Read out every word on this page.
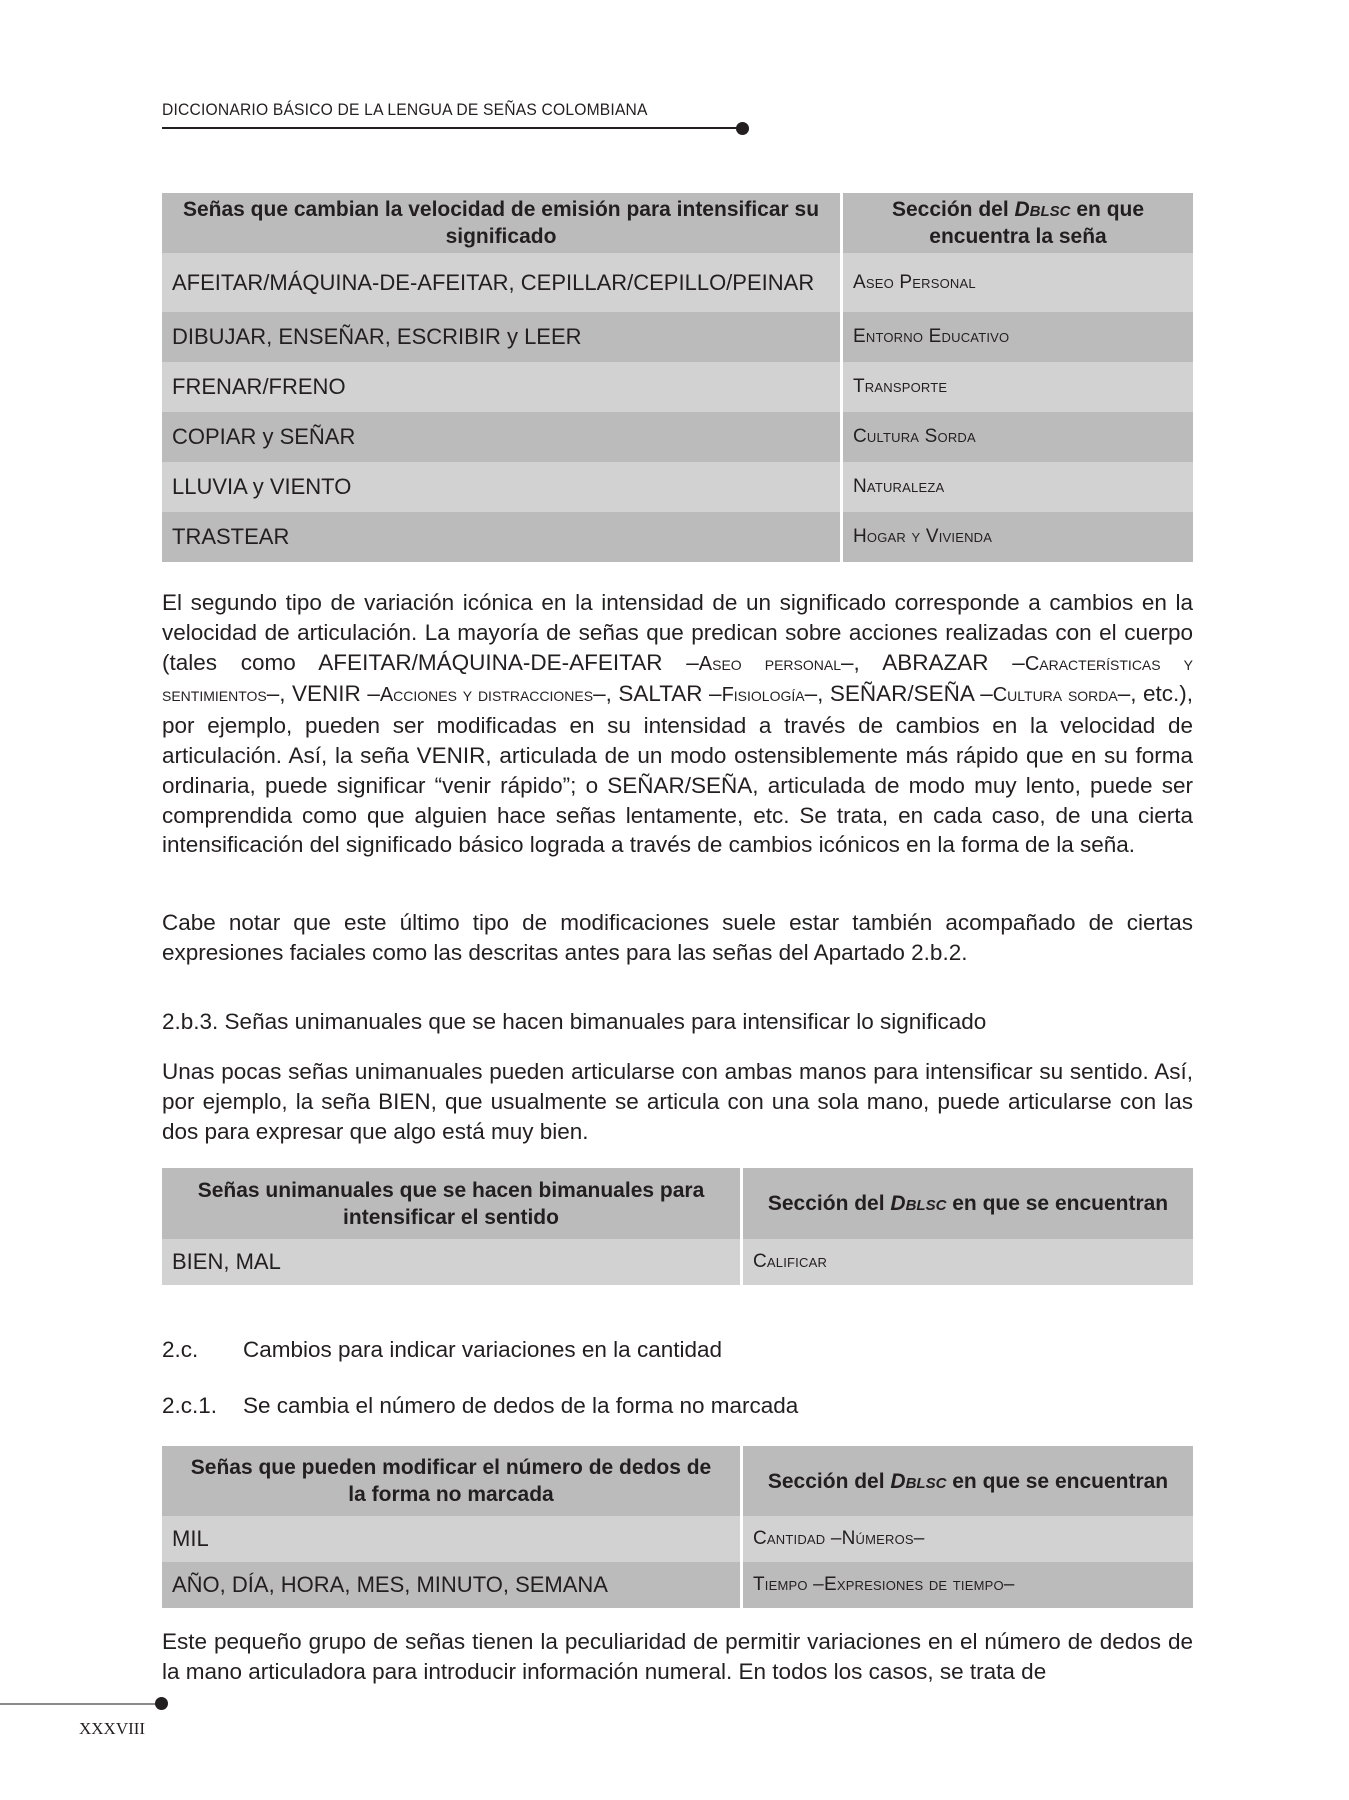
DICCIONARIO BÁSICO DE LA LENGUA DE SEÑAS COLOMBIANA
Señas que cambian la velocidad de emisión para intensificar su significado	Sección del Dblsc en que encuentra la seña
AFEITAR/MÁQUINA-DE-AFEITAR, CEPILLAR/CEPILLO/PEINAR	Aseo Personal
DIBUJAR, ENSEÑAR, ESCRIBIR y LEER	Entorno Educativo
FRENAR/FRENO	Transporte
COPIAR y SEÑAR	Cultura Sorda
LLUVIA y VIENTO	Naturaleza
TRASTEAR	Hogar y Vivienda

El segundo tipo de variación icónica en la intensidad de un significado corresponde a cambios en la velocidad de articulación. La mayoría de señas que predican sobre acciones realizadas con el cuerpo (tales como AFEITAR/MÁQUINA-DE-AFEITAR –Aseo personal–, ABRAZAR –Características y sentimientos–, VENIR –Acciones y distracciones–, SALTAR –Fisiología–, SEÑAR/SEÑA –Cultura sorda–, etc.), por ejemplo, pueden ser modificadas en su intensidad a través de cambios en la velocidad de articulación. Así, la seña VENIR, articulada de un modo ostensiblemente más rápido que en su forma ordinaria, puede significar “venir rápido”; o SEÑAR/SEÑA, articulada de modo muy lento, puede ser comprendida como que alguien hace señas lentamente, etc. Se trata, en cada caso, de una cierta intensificación del significado básico lograda a través de cambios icónicos en la forma de la seña.

Cabe notar que este último tipo de modificaciones suele estar también acompañado de ciertas expresiones faciales como las descritas antes para las señas del Apartado 2.b.2.

2.b.3. Señas unimanuales que se hacen bimanuales para intensificar lo significado

Unas pocas señas unimanuales pueden articularse con ambas manos para intensificar su sentido. Así, por ejemplo, la seña BIEN, que usualmente se articula con una sola mano, puede articularse con las dos para expresar que algo está muy bien.

Señas unimanuales que se hacen bimanuales para intensificar el sentido	Sección del Dblsc en que se encuentran
BIEN, MAL	Calificar
2.c. Cambios para indicar variaciones en la cantidad
2.c.1. Se cambia el número de dedos de la forma no marcada
Señas que pueden modificar el número de dedos de la forma no marcada	Sección del Dblsc en que se encuentran
MIL	Cantidad –Números–
AÑO, DÍA, HORA, MES, MINUTO, SEMANA	Tiempo –Expresiones de tiempo–

Este pequeño grupo de señas tienen la peculiaridad de permitir variaciones en el número de dedos de la mano articuladora para introducir información numeral. En todos los casos, se trata de

XXXVIII
